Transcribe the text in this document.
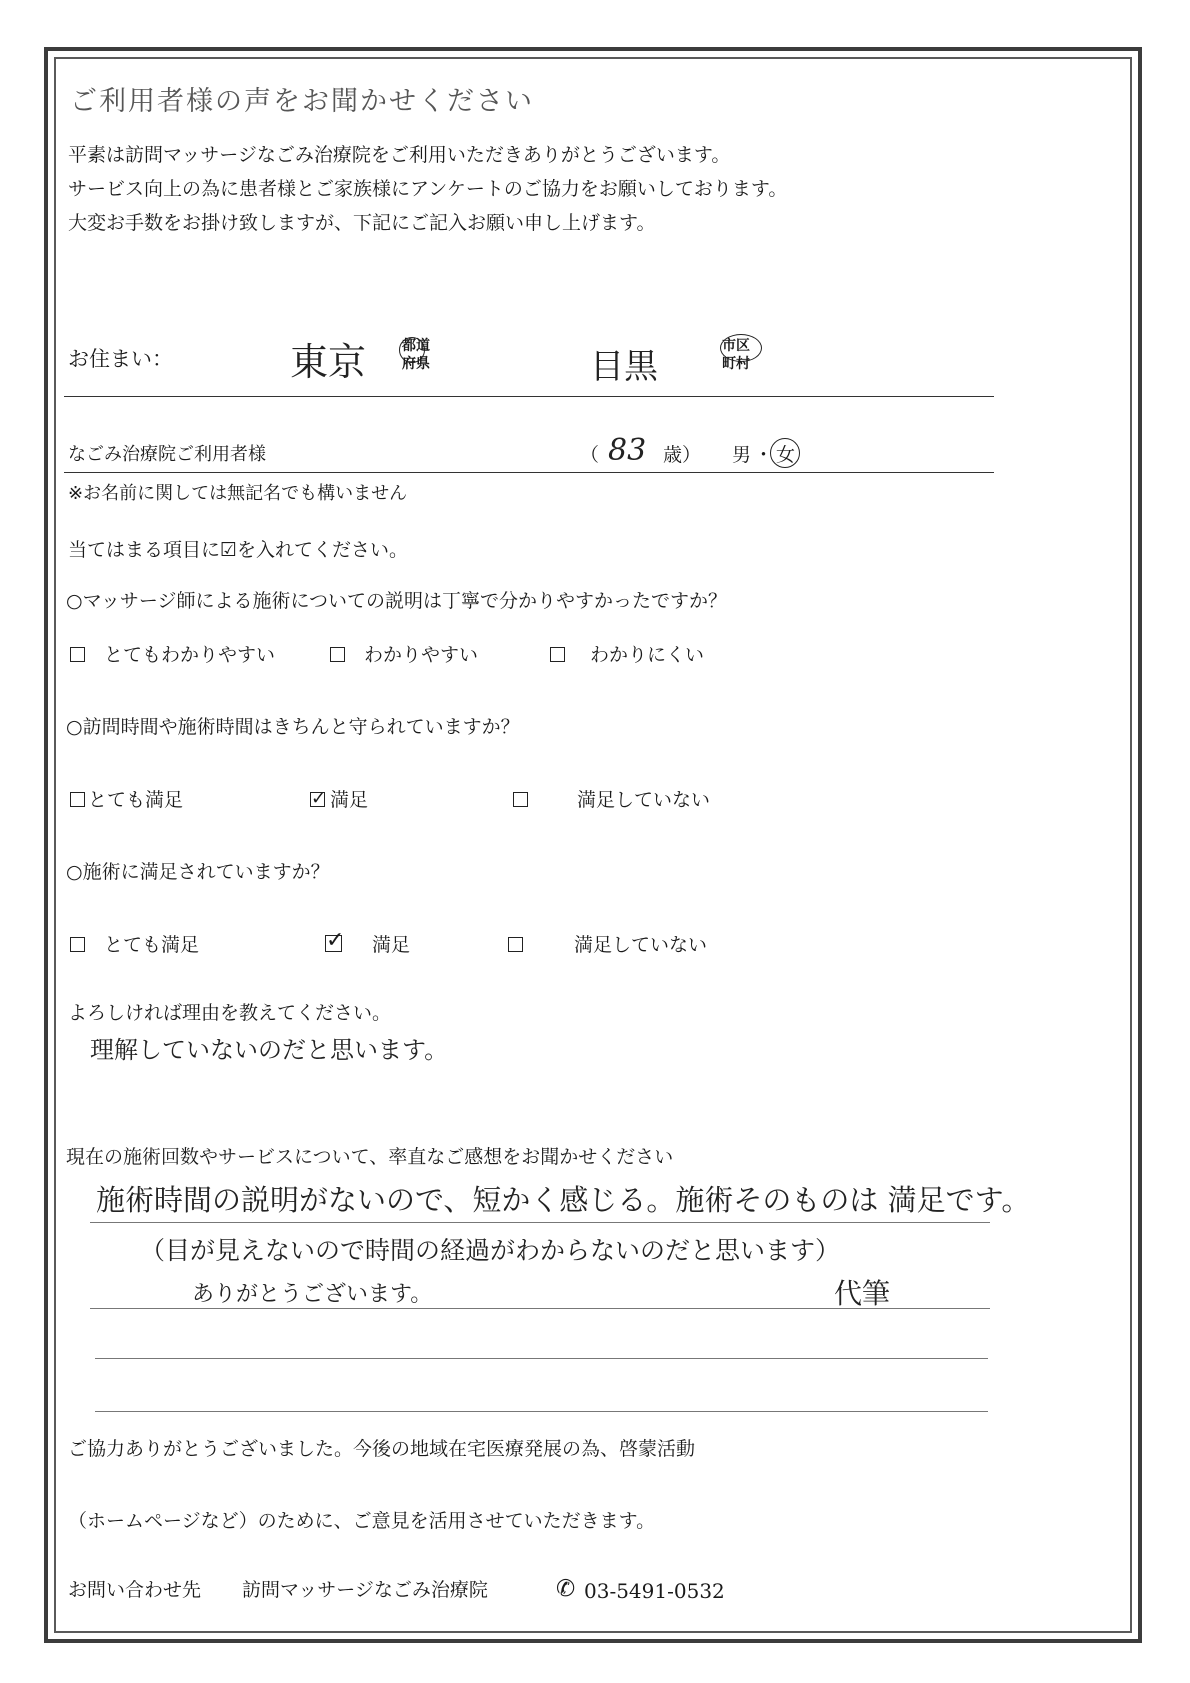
ご利用者様の声をお聞かせください
平素は訪問マッサージなごみ治療院をご利用いただきありがとうございます。
サービス向上の為に患者様とご家族様にアンケートのご協力をお願いしております。
大変お手数をお掛け致しますが、下記にご記入お願い申し上げます。
お住まい：	東京	都道
府県	目黒
市区
町村
なごみ治療院ご利用者様	（ 83 歳） 男 ・ 女
※お名前に関しては無記名でも構いません
当てはまる項目に☑を入れてください。
○マッサージ師による施術についての説明は丁寧で分かりやすかったですか？
とてもわかりやすい	わかりやすい	わかりにくい
○訪問時間や施術時間はきちんと守られていますか？
とても満足	✓ 満足	満足していない
○施術に満足されていますか？
とても満足	✓ 満足	満足していない
よろしければ理由を教えてください。
理解していないのだと思います。
現在の施術回数やサービスについて、率直なご感想をお聞かせください
施術時間の説明がないので、短かく感じる。施術そのものは 満足です。
（目が見えないので時間の経過がわからないのだと思います）
ありがとうございます。	代筆
ご協力ありがとうございました。今後の地域在宅医療発展の為、啓蒙活動
（ホームページなど）のために、ご意見を活用させていただきます。
お問い合わせ先 訪問マッサージなごみ治療院	✆ 03-5491-0532
